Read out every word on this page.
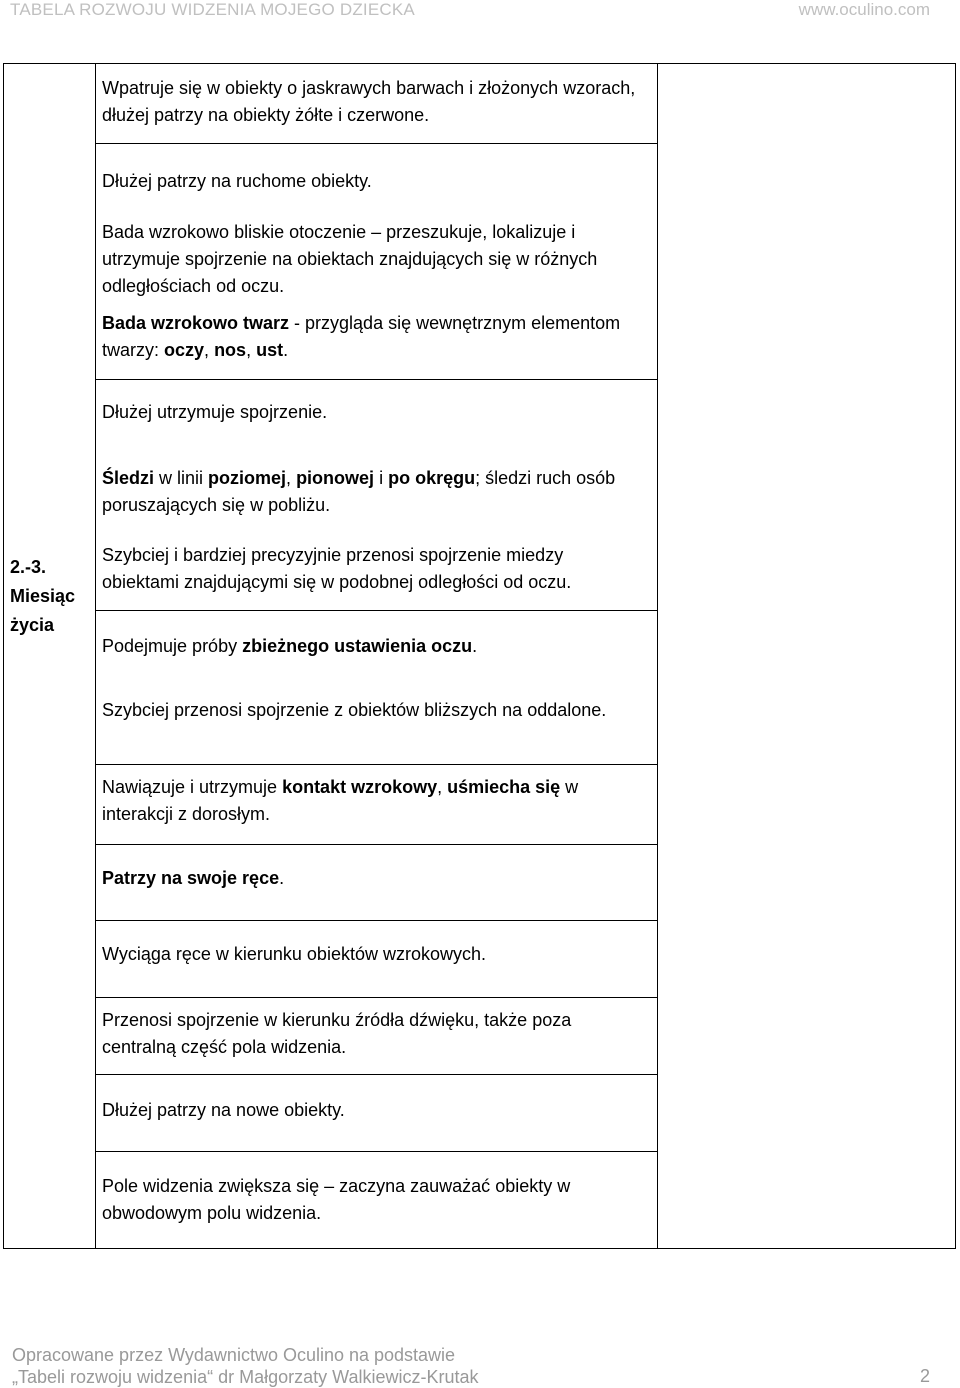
TABELA ROZWOJU WIDZENIA MOJEGO DZIECKA	www.oculino.com
2.-3.
Miesiąc
życia
Wpatruje się w obiekty o jaskrawych barwach i złożonych wzorach, dłużej patrzy na obiekty żółte i czerwone.
Dłużej patrzy na ruchome obiekty.
Bada wzrokowo bliskie otoczenie – przeszukuje, lokalizuje i utrzymuje spojrzenie na obiektach znajdujących się w różnych odległościach od oczu.
Bada wzrokowo twarz - przygląda się wewnętrznym elementom twarzy: oczy, nos, ust.
Dłużej utrzymuje spojrzenie.
Śledzi w linii poziomej, pionowej i po okręgu; śledzi ruch osób poruszających się w pobliżu.
Szybciej i bardziej precyzyjnie przenosi spojrzenie miedzy obiektami znajdującymi się w podobnej odległości od oczu.
Podejmuje próby zbieżnego ustawienia oczu.
Szybciej przenosi spojrzenie z obiektów bliższych na oddalone.
Nawiązuje i utrzymuje kontakt wzrokowy, uśmiecha się w interakcji z dorosłym.
Patrzy na swoje ręce.
Wyciąga ręce w kierunku obiektów wzrokowych.
Przenosi spojrzenie w kierunku źródła dźwięku, także poza centralną część pola widzenia.
Dłużej patrzy na nowe obiekty.
Pole widzenia zwiększa się – zaczyna zauważać obiekty w obwodowym polu widzenia.
Opracowane przez Wydawnictwo Oculino na podstawie
„Tabeli rozwoju widzenia“ dr Małgorzaty Walkiewicz-Krutak	2
